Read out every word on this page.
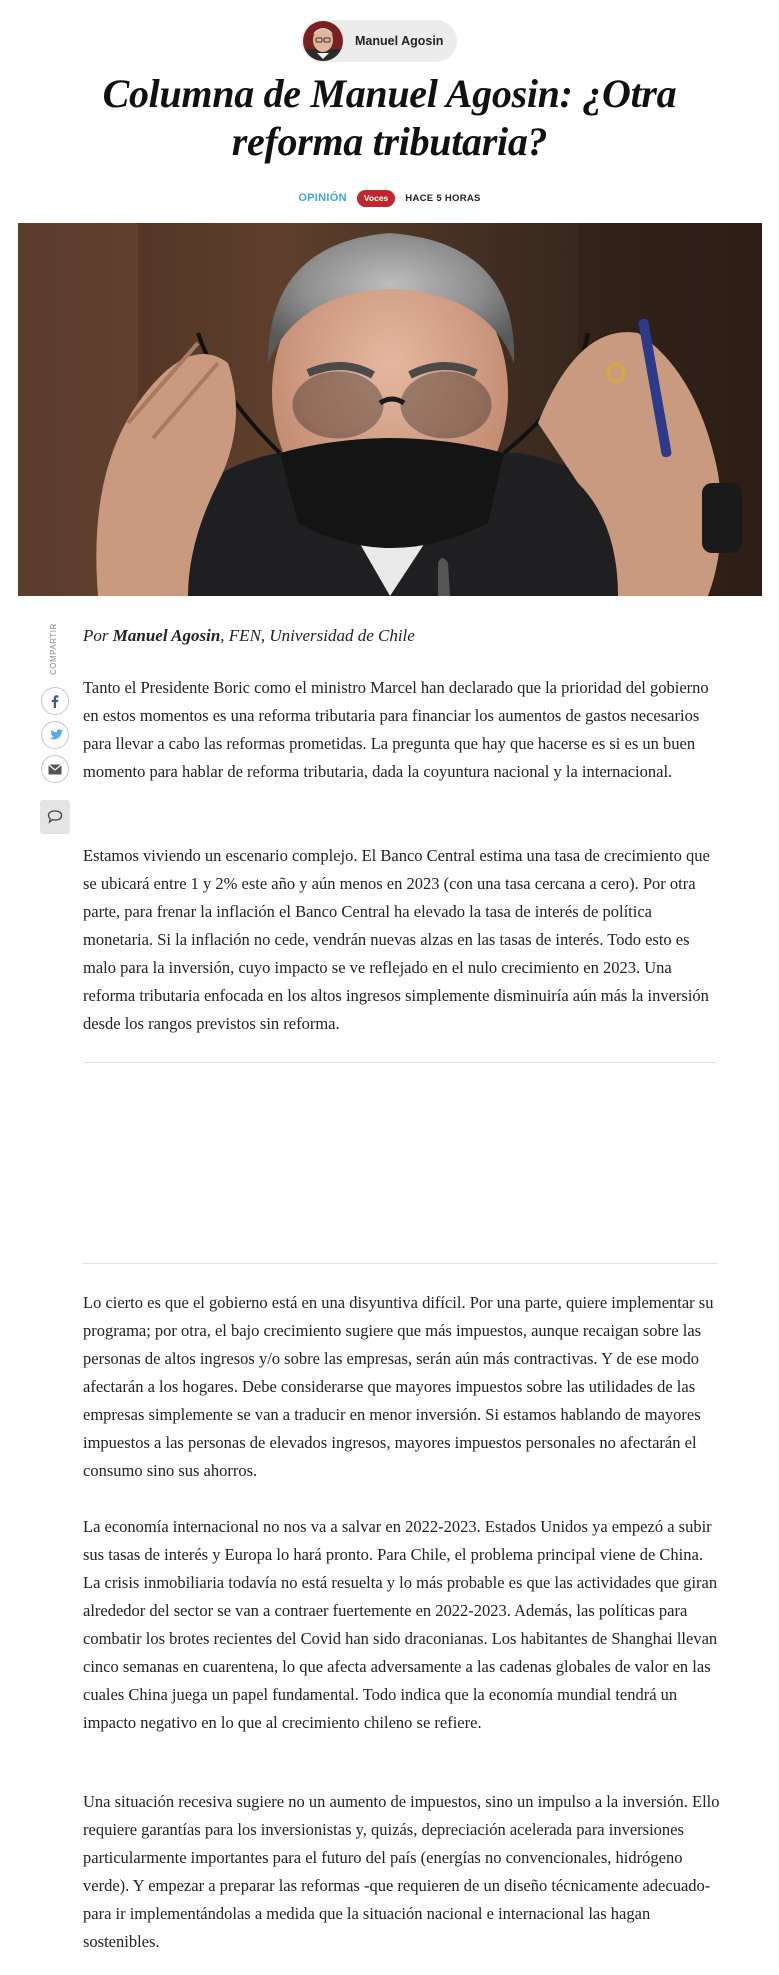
Manuel Agosin
Columna de Manuel Agosin: ¿Otra reforma tributaria?
OPINIÓN	Voces	HACE 5 HORAS
COMPARTIR Por Manuel Agosin, FEN, Universidad de Chile

Tanto el Presidente Boric como el ministro Marcel han declarado que la prioridad del gobierno en estos momentos es una reforma tributaria para financiar los aumentos de gastos necesarios para llevar a cabo las reformas prometidas. La pregunta que hay que hacerse es si es un buen momento para hablar de reforma tributaria, dada la coyuntura nacional y la internacional.

Estamos viviendo un escenario complejo. El Banco Central estima una tasa de crecimiento que se ubicará entre 1 y 2% este año y aún menos en 2023 (con una tasa cercana a cero). Por otra parte, para frenar la inflación el Banco Central ha elevado la tasa de interés de política monetaria. Si la inflación no cede, vendrán nuevas alzas en las tasas de interés. Todo esto es malo para la inversión, cuyo impacto se ve reflejado en el nulo crecimiento en 2023. Una reforma tributaria enfocada en los altos ingresos simplemente disminuiría aún más la inversión desde los rangos previstos sin reforma.

Lo cierto es que el gobierno está en una disyuntiva difícil. Por una parte, quiere implementar su programa; por otra, el bajo crecimiento sugiere que más impuestos, aunque recaigan sobre las personas de altos ingresos y/o sobre las empresas, serán aún más contractivas. Y de ese modo afectarán a los hogares. Debe considerarse que mayores impuestos sobre las utilidades de las empresas simplemente se van a traducir en menor inversión. Si estamos hablando de mayores impuestos a las personas de elevados ingresos, mayores impuestos personales no afectarán el consumo sino sus ahorros.

La economía internacional no nos va a salvar en 2022-2023. Estados Unidos ya empezó a subir sus tasas de interés y Europa lo hará pronto. Para Chile, el problema principal viene de China. La crisis inmobiliaria todavía no está resuelta y lo más probable es que las actividades que giran alrededor del sector se van a contraer fuertemente en 2022-2023. Además, las políticas para combatir los brotes recientes del Covid han sido draconianas. Los habitantes de Shanghai llevan cinco semanas en cuarentena, lo que afecta adversamente a las cadenas globales de valor en las cuales China juega un papel fundamental. Todo indica que la economía mundial tendrá un impacto negativo en lo que al crecimiento chileno se refiere.

Una situación recesiva sugiere no un aumento de impuestos, sino un impulso a la inversión. Ello requiere garantías para los inversionistas y, quizás, depreciación acelerada para inversiones particularmente importantes para el futuro del país (energías no convencionales, hidrógeno verde). Y empezar a preparar las reformas -que requieren de un diseño técnicamente adecuado- para ir implementándolas a medida que la situación nacional e internacional las hagan sostenibles.
